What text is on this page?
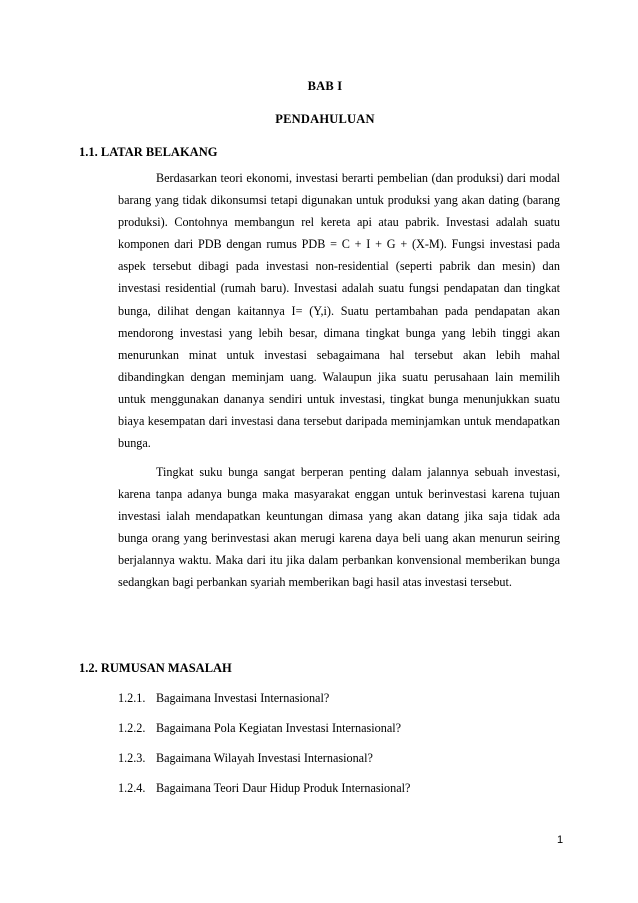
BAB I
PENDAHULUAN
1.1. LATAR BELAKANG

Berdasarkan teori ekonomi, investasi berarti pembelian (dan produksi) dari modal barang yang tidak dikonsumsi tetapi digunakan untuk produksi yang akan dating (barang produksi). Contohnya membangun rel kereta api atau pabrik. Investasi adalah suatu komponen dari PDB dengan rumus PDB = C + I + G + (X-M). Fungsi investasi pada aspek tersebut dibagi pada investasi non-residential (seperti pabrik dan mesin) dan investasi residential (rumah baru). Investasi adalah suatu fungsi pendapatan dan tingkat bunga, dilihat dengan kaitannya I= (Y,i). Suatu pertambahan pada pendapatan akan mendorong investasi yang lebih besar, dimana tingkat bunga yang lebih tinggi akan menurunkan minat untuk investasi sebagaimana hal tersebut akan lebih mahal dibandingkan dengan meminjam uang. Walaupun jika suatu perusahaan lain memilih untuk menggunakan dananya sendiri untuk investasi, tingkat bunga menunjukkan suatu biaya kesempatan dari investasi dana tersebut daripada meminjamkan untuk mendapatkan bunga.

Tingkat suku bunga sangat berperan penting dalam jalannya sebuah investasi, karena tanpa adanya bunga maka masyarakat enggan untuk berinvestasi karena tujuan investasi ialah mendapatkan keuntungan dimasa yang akan datang jika saja tidak ada bunga orang yang berinvestasi akan merugi karena daya beli uang akan menurun seiring berjalannya waktu. Maka dari itu jika dalam perbankan konvensional memberikan bunga sedangkan bagi perbankan syariah memberikan bagi hasil atas investasi tersebut.

1.2. RUMUSAN MASALAH
1.2.1. Bagaimana Investasi Internasional?
1.2.2. Bagaimana Pola Kegiatan Investasi Internasional?
1.2.3. Bagaimana Wilayah Investasi Internasional?
1.2.4. Bagaimana Teori Daur Hidup Produk Internasional?
1
